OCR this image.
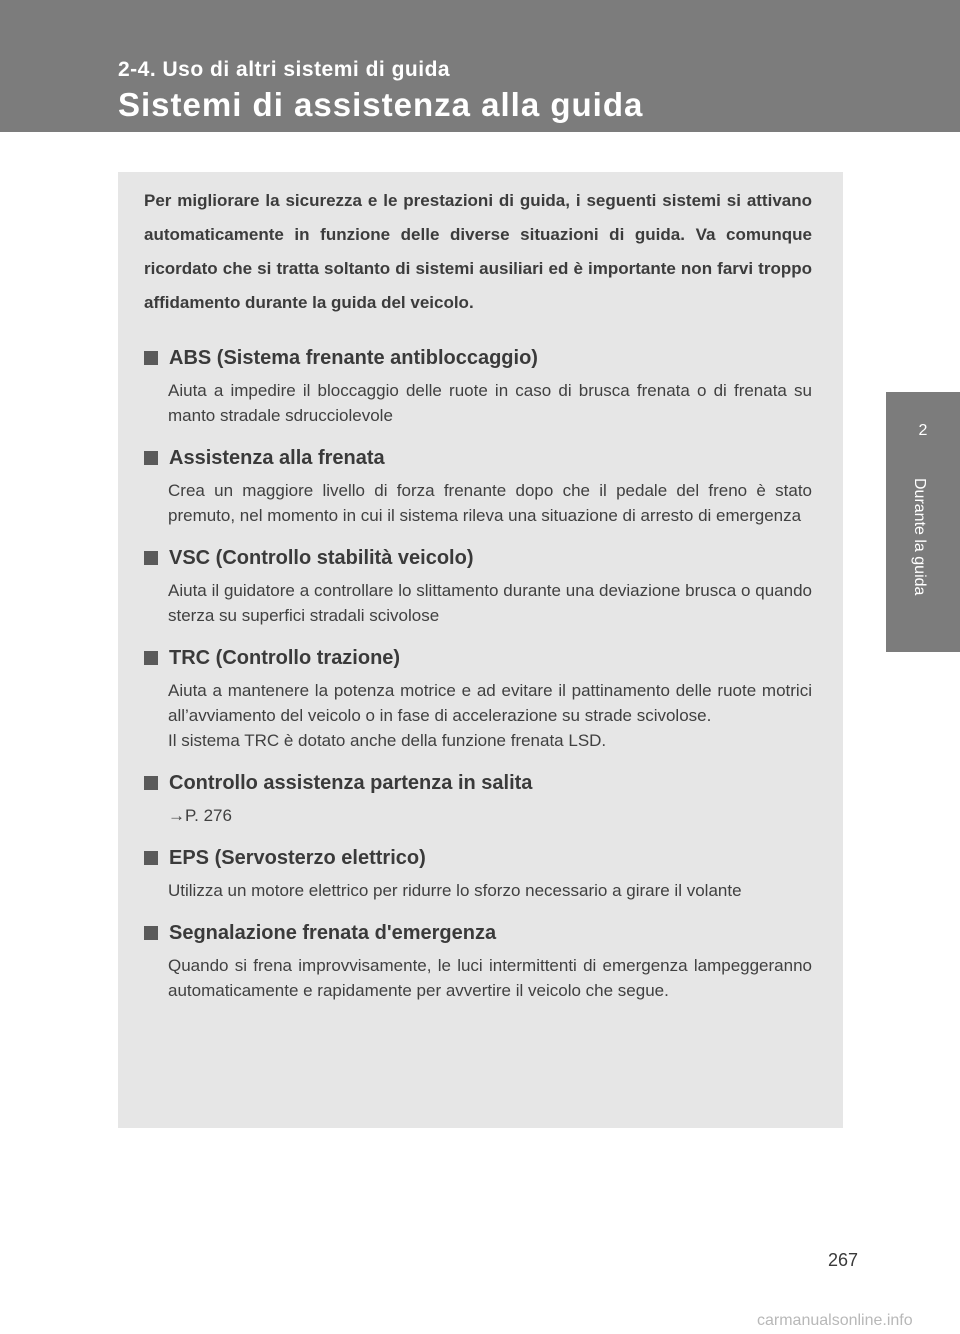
2-4. Uso di altri sistemi di guida
Sistemi di assistenza alla guida
2
Durante la guida
Per migliorare la sicurezza e le prestazioni di guida, i seguenti sistemi si attivano automaticamente in funzione delle diverse situazioni di guida. Va comunque ricordato che si tratta soltanto di sistemi ausiliari ed è importante non farvi troppo affidamento durante la guida del veicolo.
ABS (Sistema frenante antibloccaggio)
Aiuta a impedire il bloccaggio delle ruote in caso di brusca frenata o di frenata su manto stradale sdrucciolevole
Assistenza alla frenata
Crea un maggiore livello di forza frenante dopo che il pedale del freno è stato premuto, nel momento in cui il sistema rileva una situazione di arresto di emergenza
VSC (Controllo stabilità veicolo)
Aiuta il guidatore a controllare lo slittamento durante una deviazione brusca o quando sterza su superfici stradali scivolose
TRC (Controllo trazione)
Aiuta a mantenere la potenza motrice e ad evitare il pattinamento delle ruote motrici all’avviamento del veicolo o in fase di accelerazione su strade scivolose.
Il sistema TRC è dotato anche della funzione frenata LSD.
Controllo assistenza partenza in salita
→P. 276
EPS (Servosterzo elettrico)
Utilizza un motore elettrico per ridurre lo sforzo necessario a girare il volante
Segnalazione frenata d'emergenza
Quando si frena improvvisamente, le luci intermittenti di emergenza lampeggeranno automaticamente e rapidamente per avvertire il veicolo che segue.
267
carmanualsonline.info
